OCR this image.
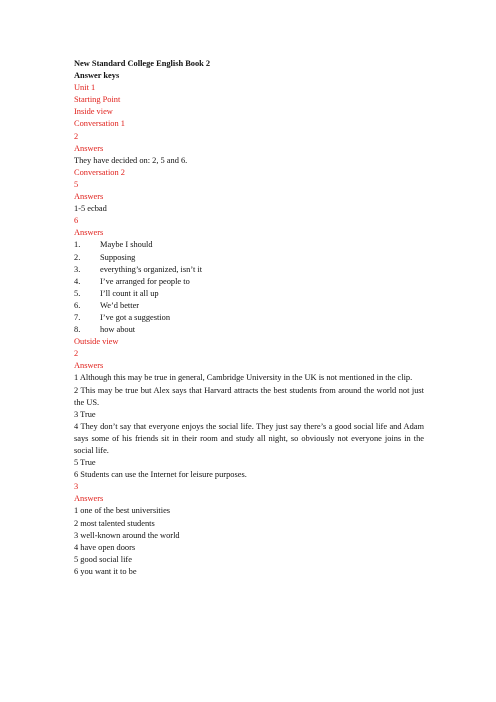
New Standard College English Book 2
Answer keys
Unit 1
Starting Point
Inside view
Conversation 1
2
Answers
They have decided on: 2, 5 and 6.
Conversation 2
5
Answers
1-5 ecbad
6
Answers
1. Maybe I should
2. Supposing
3. everything’s organized, isn’t it
4. I’ve arranged for people to
5. I’ll count it all up
6. We’d better
7. I’ve got a suggestion
8. how about
Outside view
2
Answers
1 Although this may be true in general, Cambridge University in the UK is not mentioned in the clip.
2 This may be true but Alex says that Harvard attracts the best students from around the world not just the US.
3 True
4 They don’t say that everyone enjoys the social life. They just say there’s a good social life and Adam says some of his friends sit in their room and study all night, so obviously not everyone joins in the social life.
5 True
6 Students can use the Internet for leisure purposes.
3
Answers
1 one of the best universities
2 most talented students
3 well-known around the world
4 have open doors
5 good social life
6 you want it to be
